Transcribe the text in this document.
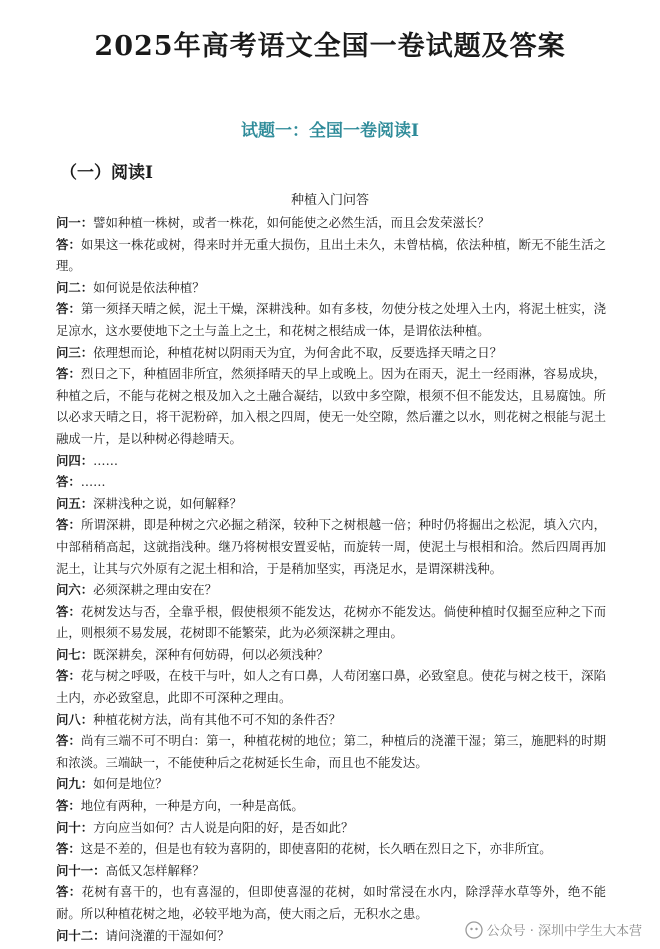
2025年高考语文全国一卷试题及答案
试题一：全国一卷阅读Ⅰ
（一）阅读Ⅰ
种植入门问答

问一：譬如种植一株树，或者一株花，如何能使之必然生活，而且会发荣滋长？

答：如果这一株花或树，得来时并无重大损伤，且出土未久，未曾枯槁，依法种植，断无不能生活之理。

问二：如何说是依法种植？

答：第一须择天晴之候，泥土干燥，深耕浅种。如有多枝，勿使分枝之处埋入土内，将泥土桩实，浇足凉水，这水要使地下之土与盖上之土，和花树之根结成一体，是谓依法种植。

问三：依理想而论，种植花树以阴雨天为宜，为何舍此不取，反要选择天晴之日？

答：烈日之下，种植固非所宜，然须择晴天的早上或晚上。因为在雨天，泥土一经雨淋，容易成块，种植之后，不能与花树之根及加入之土融合凝结，以致中多空隙，根须不但不能发达，且易腐蚀。所以必求天晴之日，将干泥粉碎，加入根之四周，使无一处空隙，然后灌之以水，则花树之根能与泥土融成一片，是以种树必得趁晴天。

问四：……

答：……

问五：深耕浅种之说，如何解释？

答：所谓深耕，即是种树之穴必掘之稍深，较种下之树根越一倍；种时仍将掘出之松泥，填入穴内，中部稍稍高起，这就指浅种。继乃将树根安置妥帖，而旋转一周，使泥土与根相和洽。然后四周再加泥土，让其与穴外原有之泥土相和洽，于是稍加坚实，再浇足水，是谓深耕浅种。

问六：必须深耕之理由安在？

答：花树发达与否，全靠乎根，假使根须不能发达，花树亦不能发达。倘使种植时仅掘至应种之下而止，则根须不易发展，花树即不能繁荣，此为必须深耕之理由。

问七：既深耕矣，深种有何妨碍，何以必须浅种？

答：花与树之呼吸，在枝干与叶，如人之有口鼻，人苟闭塞口鼻，必致窒息。使花与树之枝干，深陷土内，亦必致窒息，此即不可深种之理由。

问八：种植花树方法，尚有其他不可不知的条件否？

答：尚有三端不可不明白：第一，种植花树的地位；第二，种植后的浇灌干湿；第三，施肥料的时期和浓淡。三端缺一，不能使种后之花树延长生命，而且也不能发达。

问九：如何是地位？

答：地位有两种，一种是方向，一种是高低。

问十：方向应当如何？古人说是向阳的好，是否如此？

答：这是不差的，但是也有较为喜阴的，即使喜阳的花树，长久晒在烈日之下，亦非所宜。

问十一：高低又怎样解释？

答：花树有喜干的，也有喜湿的，但即使喜湿的花树，如时常浸在水内，除浮萍水草等外，绝不能耐。所以种植花树之地，必较平地为高，使大雨之后，无积水之患。

问十二：请问浇灌的干湿如何？	公众号 · 深圳中学生大本营
